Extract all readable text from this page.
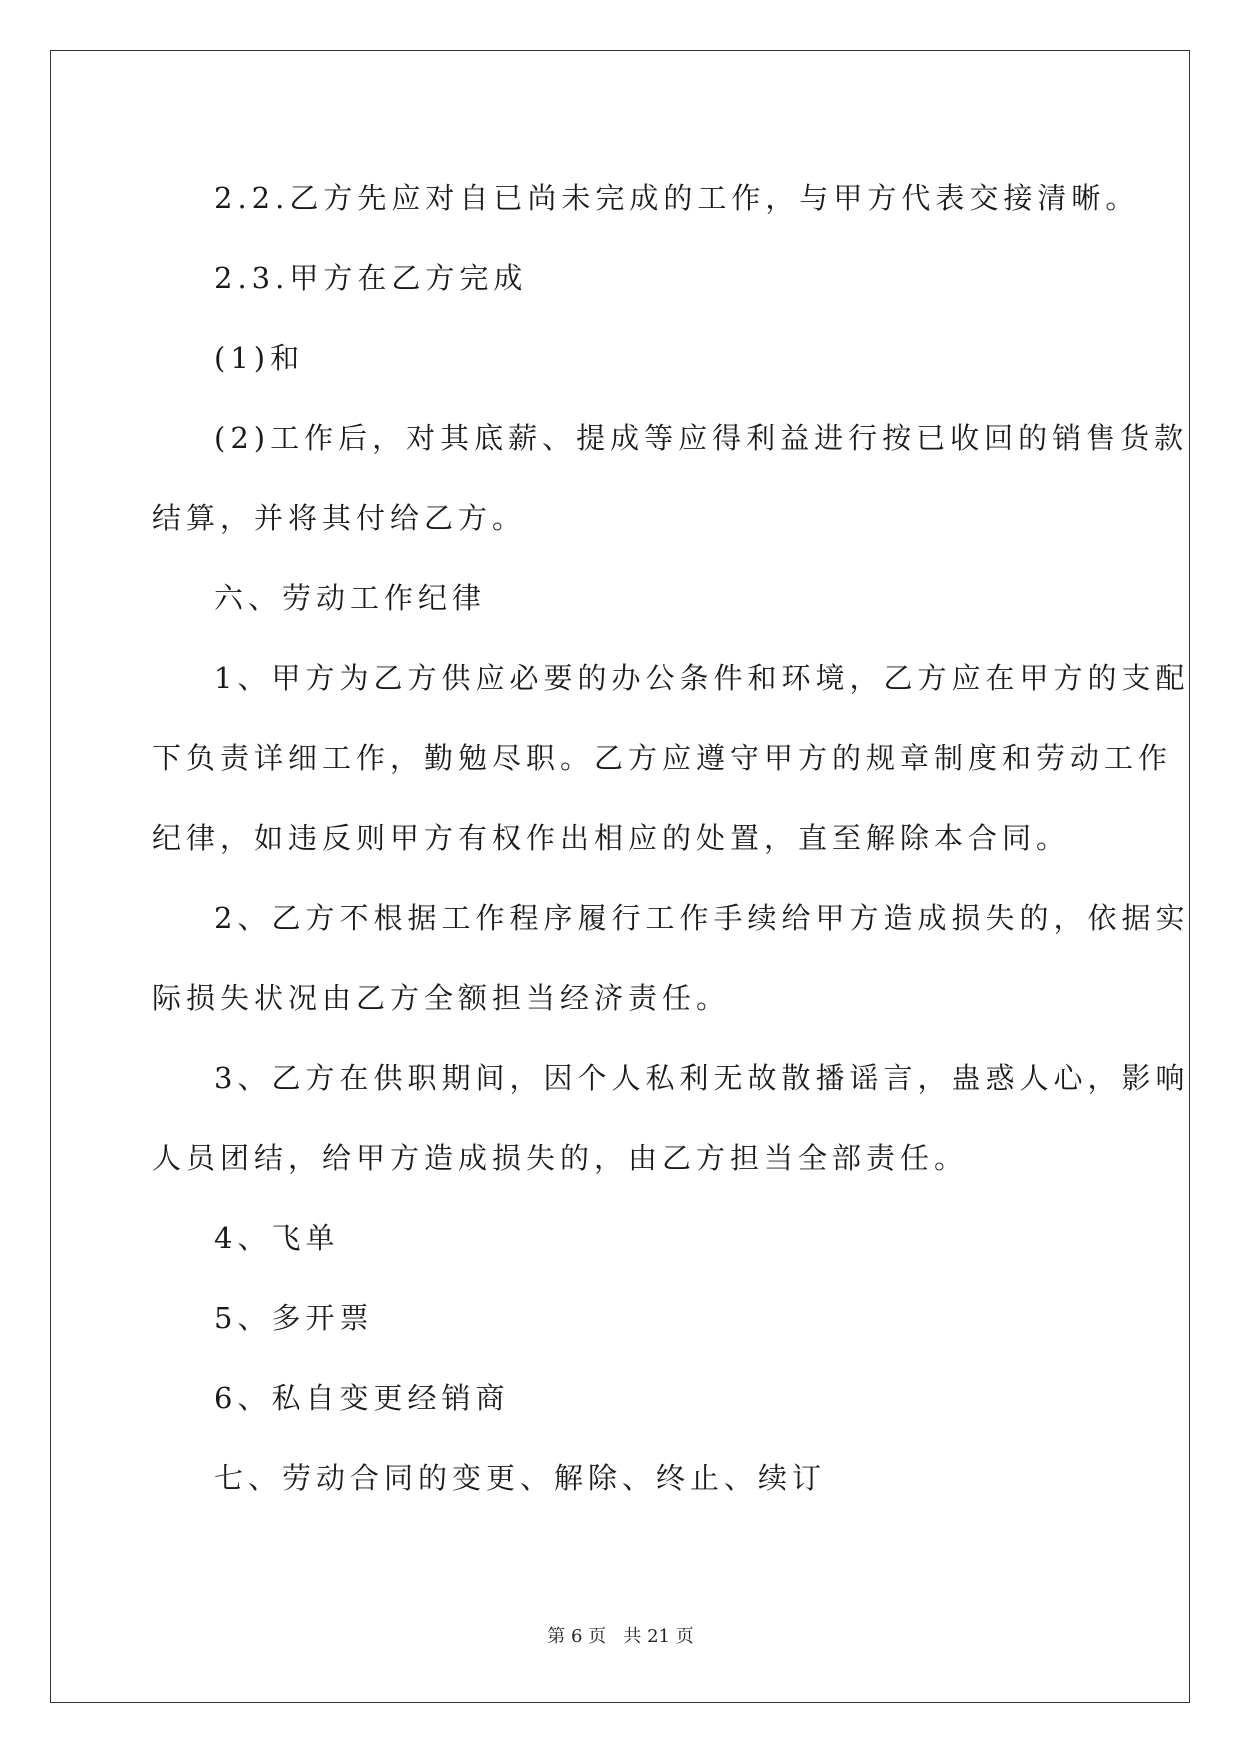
2.2.乙方先应对自已尚未完成的工作，与甲方代表交接清晰。

2.3.甲方在乙方完成

(1)和

(2)工作后，对其底薪、提成等应得利益进行按已收回的销售货款

结算，并将其付给乙方。

六、劳动工作纪律

1、甲方为乙方供应必要的办公条件和环境，乙方应在甲方的支配

下负责详细工作，勤勉尽职。乙方应遵守甲方的规章制度和劳动工作

纪律，如违反则甲方有权作出相应的处置，直至解除本合同。

2、乙方不根据工作程序履行工作手续给甲方造成损失的，依据实

际损失状况由乙方全额担当经济责任。

3、乙方在供职期间，因个人私利无故散播谣言，蛊惑人心，影响

人员团结，给甲方造成损失的，由乙方担当全部责任。

4、飞单

5、多开票

6、私自变更经销商

七、劳动合同的变更、解除、终止、续订

第 6 页   共 21 页
